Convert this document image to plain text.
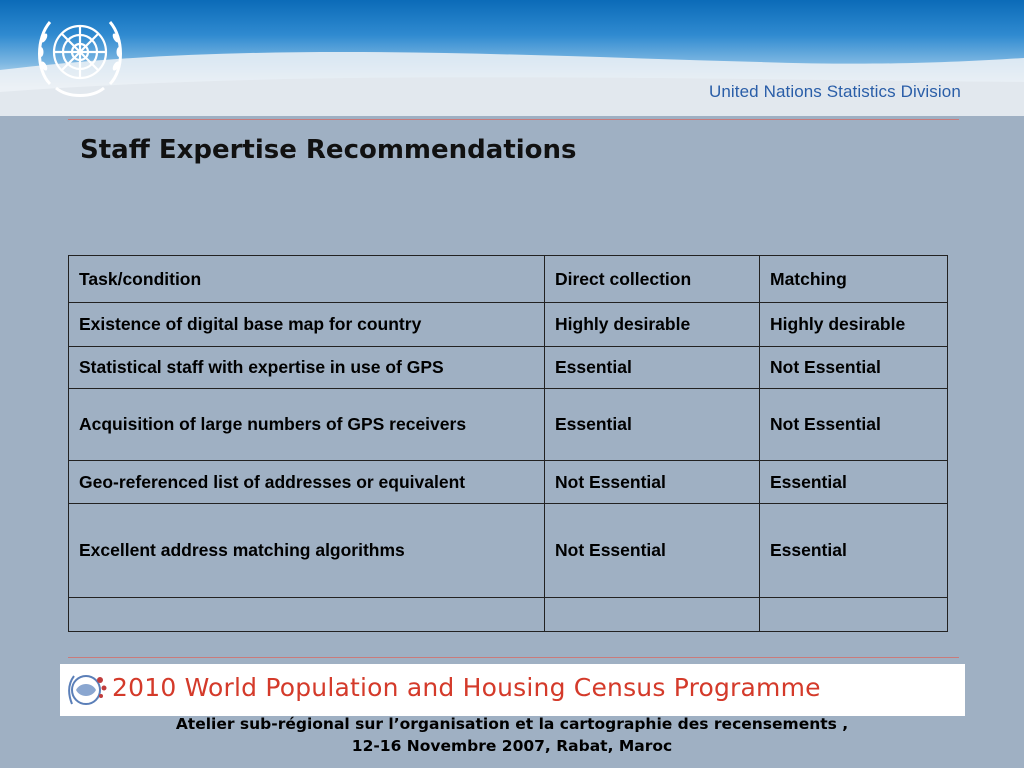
United Nations Statistics Division
Staff Expertise Recommendations
Task/condition	Direct collection	Matching
Existence of digital base map for country	Highly desirable	Highly desirable
Statistical staff with expertise in use of GPS	Essential	Not Essential
Acquisition of large numbers of GPS receivers	Essential	Not Essential
Geo-referenced list of addresses or equivalent	Not Essential	Essential
Excellent address matching algorithms	Not Essential	Essential

2010 World Population and Housing Census Programme
Atelier sub-régional sur l’organisation et la cartographie des recensements ,
12-16 Novembre 2007, Rabat, Maroc
